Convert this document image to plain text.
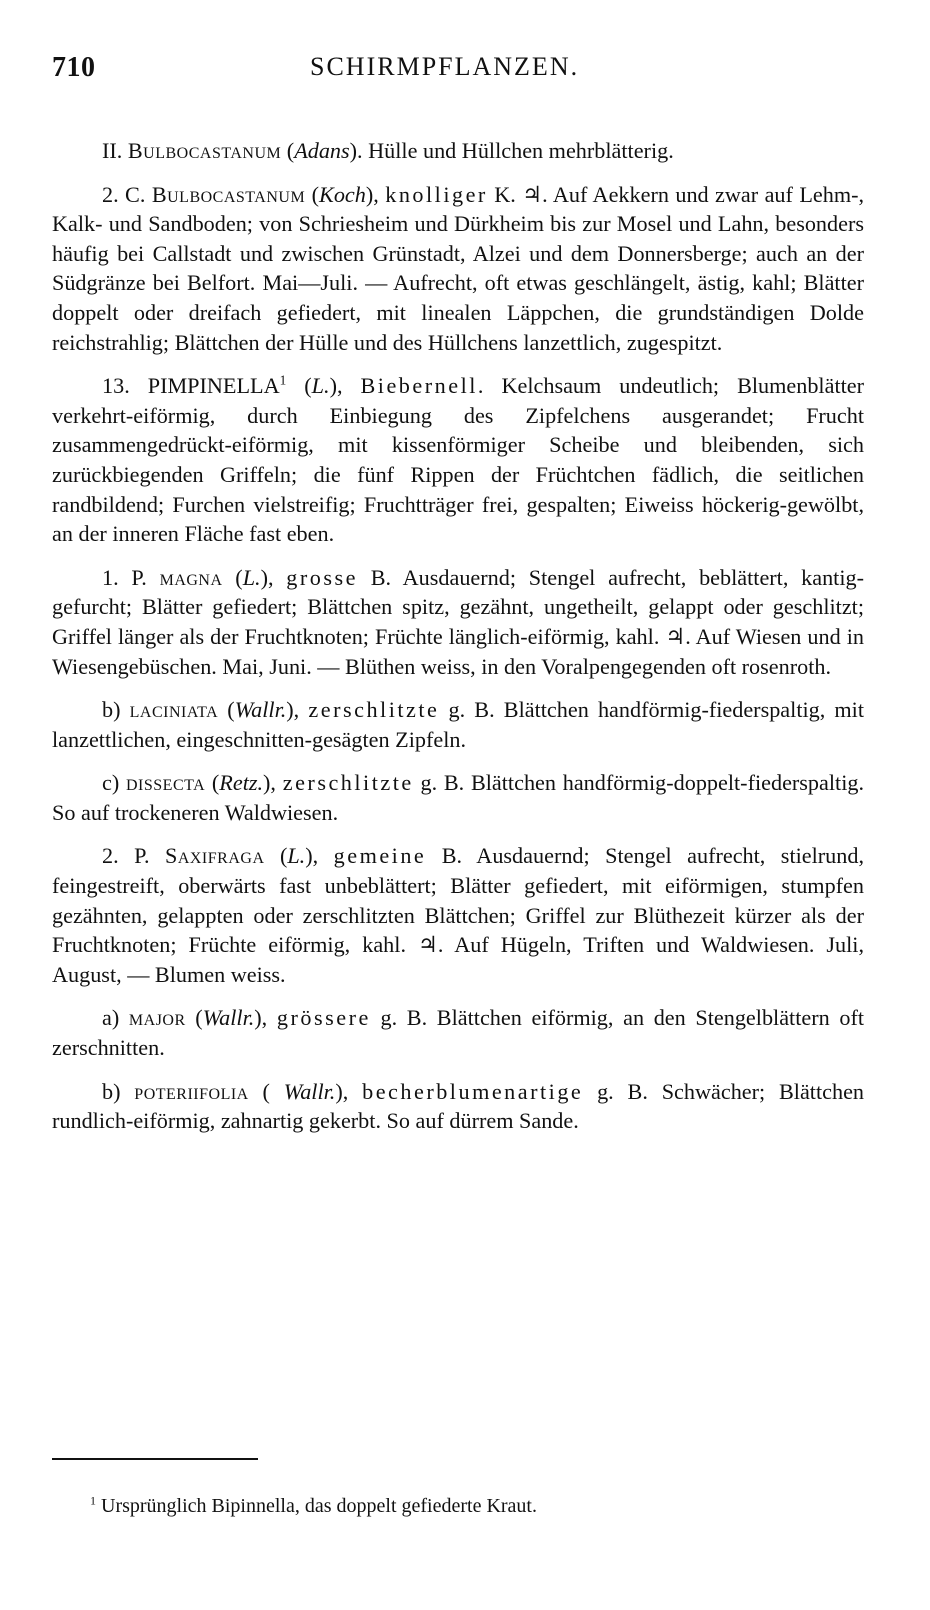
710	SCHIRMPFLANZEN.

II. Bulbocastanum (Adans). Hülle und Hüllchen mehrblätterig.

2. C. Bulbocastanum (Koch), knolliger K. ♃. Auf Aekkern und zwar auf Lehm-, Kalk- und Sandboden; von Schriesheim und Dürkheim bis zur Mosel und Lahn, besonders häufig bei Callstadt und zwischen Grünstadt, Alzei und dem Donnersberge; auch an der Südgränze bei Belfort. Mai—Juli. — Aufrecht, oft etwas geschlängelt, ästig, kahl; Blätter doppelt oder dreifach gefiedert, mit linealen Läppchen, die grundständigen Dolde reichstrahlig; Blättchen der Hülle und des Hüllchens lanzettlich, zugespitzt.

13. PIMPINELLA$^1$ (L.), Biebernell. Kelchsaum undeutlich; Blumenblätter verkehrt-eiförmig, durch Einbiegung des Zipfelchens ausgerandet; Frucht zusammengedrückt-eiförmig, mit kissenförmiger Scheibe und bleibenden, sich zurückbiegenden Griffeln; die fünf Rippen der Früchtchen fädlich, die seitlichen randbildend; Furchen vielstreifig; Fruchtträger frei, gespalten; Eiweiss höckerig-gewölbt, an der inneren Fläche fast eben.

1. P. magna (L.), grosse B. Ausdauernd; Stengel aufrecht, beblättert, kantig-gefurcht; Blätter gefiedert; Blättchen spitz, gezähnt, ungetheilt, gelappt oder geschlitzt; Griffel länger als der Fruchtknoten; Früchte länglich-eiförmig, kahl. ♃. Auf Wiesen und in Wiesengebüschen. Mai, Juni. — Blüthen weiss, in den Voralpengegenden oft rosenroth.

b) laciniata (Wallr.), zerschlitzte g. B. Blättchen handförmig-fiederspaltig, mit lanzettlichen, eingeschnitten-gesägten Zipfeln.

c) dissecta (Retz.), zerschlitzte g. B. Blättchen handförmig-doppelt-fiederspaltig. So auf trockeneren Waldwiesen.

2. P. Saxifraga (L.), gemeine B. Ausdauernd; Stengel aufrecht, stielrund, feingestreift, oberwärts fast unbeblättert; Blätter gefiedert, mit eiförmigen, stumpfen gezähnten, gelappten oder zerschlitzten Blättchen; Griffel zur Blüthezeit kürzer als der Fruchtknoten; Früchte eiförmig, kahl. ♃. Auf Hügeln, Triften und Waldwiesen. Juli, August, — Blumen weiss.

a) major (Wallr.), grössere g. B. Blättchen eiförmig, an den Stengelblättern oft zerschnitten.

b) poteriifolia ( Wallr.), becherblumenartige g. B. Schwächer; Blättchen rundlich-eiförmig, zahnartig gekerbt. So auf dürrem Sande.

$^1$ Ursprünglich Bipinnella, das doppelt gefiederte Kraut.
